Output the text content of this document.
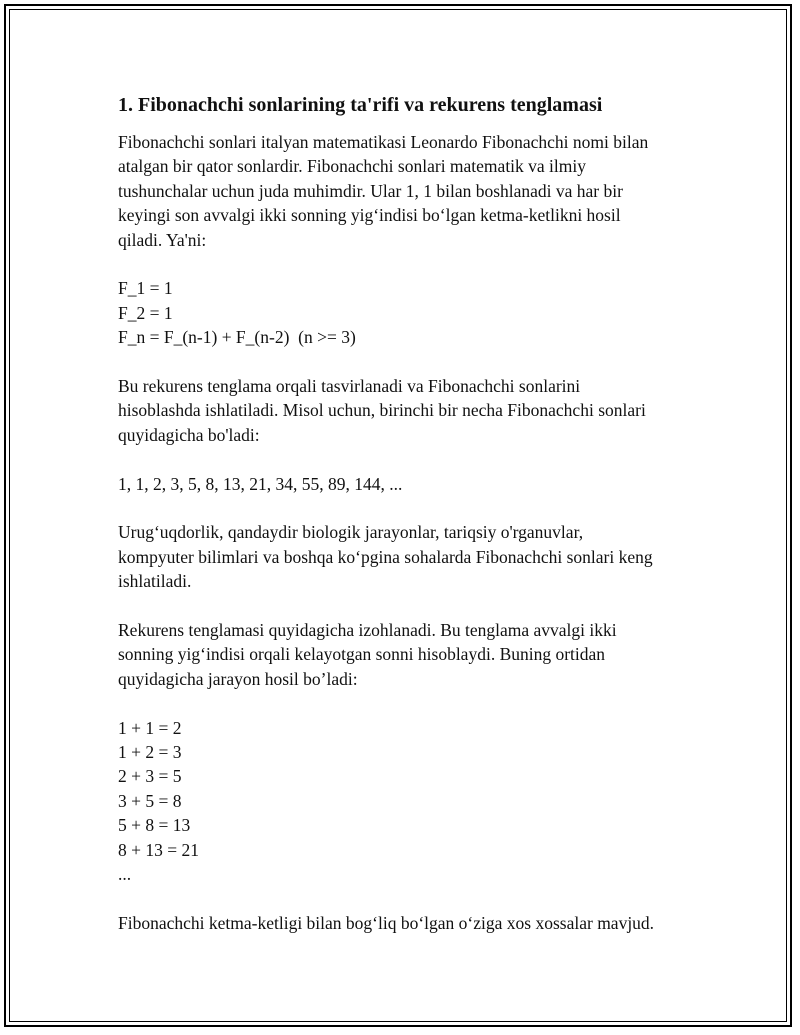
1. Fibonachchi sonlarining ta'rifi va rekurens tenglamasi
Fibonachchi sonlari italyan matematikasi Leonardo Fibonachchi nomi bilan
atalgan bir qator sonlardir. Fibonachchi sonlari matematik va ilmiy
tushunchalar uchun juda muhimdir. Ular 1, 1 bilan boshlanadi va har bir
keyingi son avvalgi ikki sonning yig‘indisi bo‘lgan ketma-ketlikni hosil
qiladi. Ya'ni:
F_1 = 1
F_2 = 1
F_n = F_(n-1) + F_(n-2)  (n >= 3)
Bu rekurens tenglama orqali tasvirlanadi va Fibonachchi sonlarini
hisoblashda ishlatiladi. Misol uchun, birinchi bir necha Fibonachchi sonlari
quyidagicha bo'ladi:
1, 1, 2, 3, 5, 8, 13, 21, 34, 55, 89, 144, ...
Urug‘uqdorlik, qandaydir biologik jarayonlar, tariqsiy o'rganuvlar,
kompyuter bilimlari va boshqa ko‘pgina sohalarda Fibonachchi sonlari keng
ishlatiladi.
Rekurens tenglamasi quyidagicha izohlanadi. Bu tenglama avvalgi ikki
sonning yig‘indisi orqali kelayotgan sonni hisoblaydi. Buning ortidan
quyidagicha jarayon hosil bo’ladi:
1 + 1 = 2
1 + 2 = 3
2 + 3 = 5
3 + 5 = 8
5 + 8 = 13
8 + 13 = 21
...
Fibonachchi ketma-ketligi bilan bog‘liq bo‘lgan o‘ziga xos xossalar mavjud.
